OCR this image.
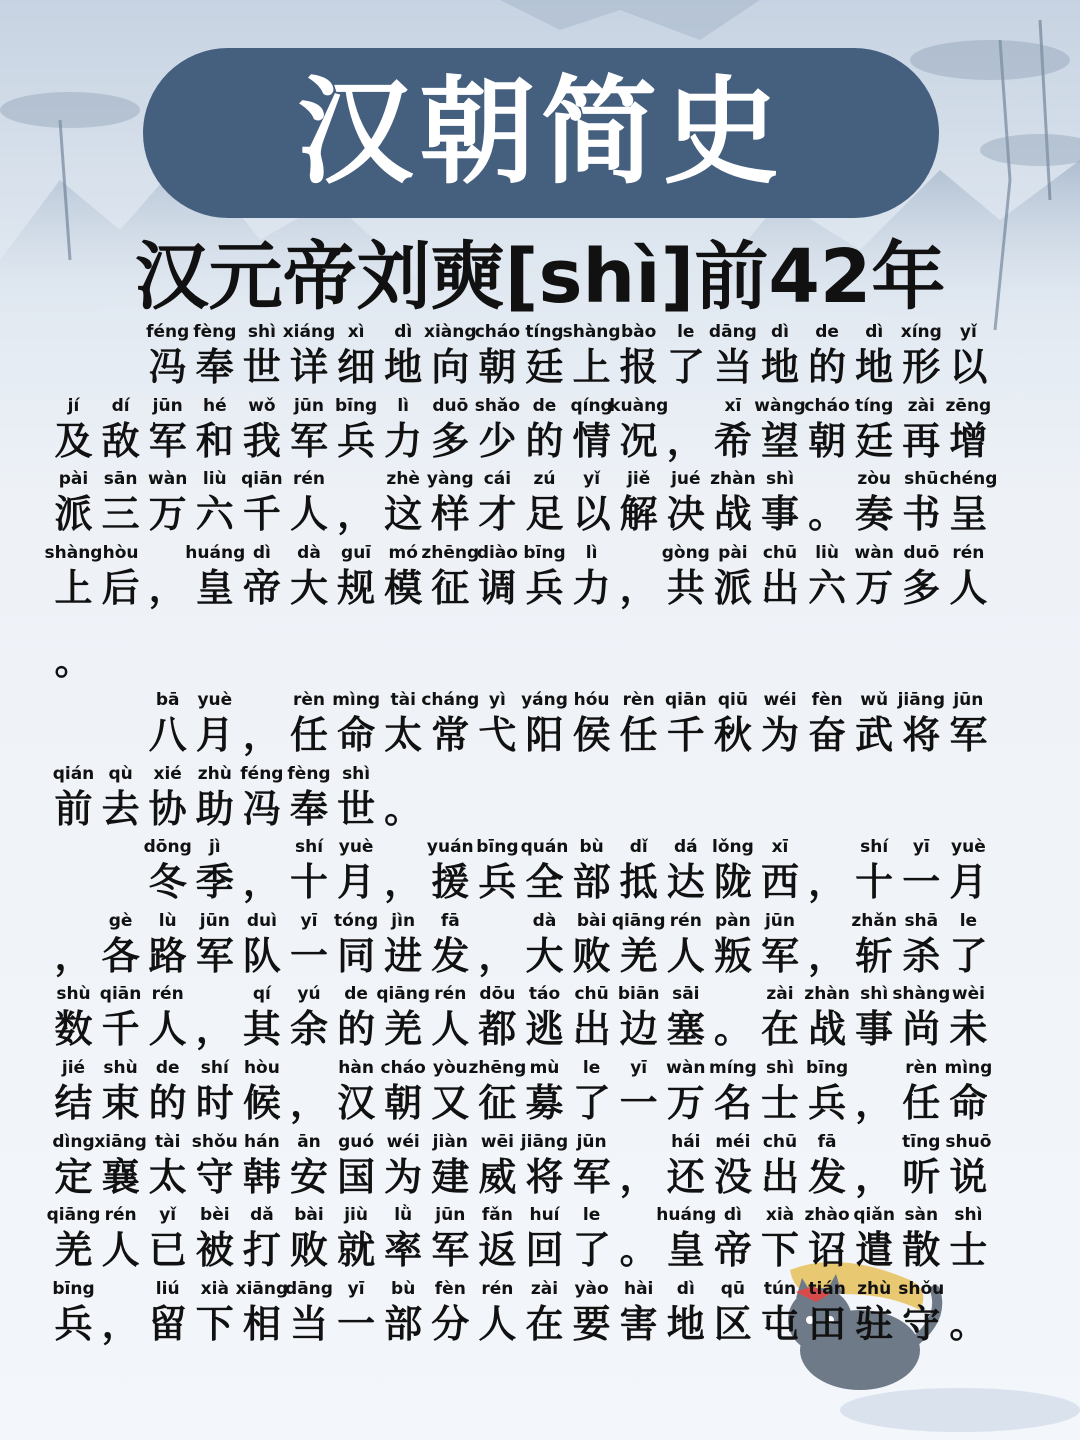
汉朝简史
汉元帝刘奭[shì]前42年
féng
冯
fèng
奉
shì
世
xiáng
详
xì
细
dì
地
xiàng
向
cháo
朝
tíng
廷
shàng
上
bào
报
le
了
dāng
当
dì
地
de
的
dì
地
xíng
形
yǐ
以
jí
及
dí
敌
jūn
军
hé
和
wǒ
我
jūn
军
bīng
兵
lì
力
duō
多
shǎo
少
de
的
qíng
情
kuàng
况 ，
xī
希
wàng
望
cháo
朝
tíng
廷
zài
再
zēng
增
pài
派
sān
三
wàn
万
liù
六
qiān
千
rén
人 ，
zhè
这
yàng
样
cái
才
zú
足
yǐ
以
jiě
解
jué
决
zhàn
战
shì
事 。
zòu
奏
shū
书
chéng
呈
shàng
上
hòu
后 ，
huáng
皇
dì
帝
dà
大
guī
规
mó
模
zhēng
征
diào
调
bīng
兵
lì
力 ，
gòng
共
pài
派
chū
出
liù
六
wàn
万
duō
多
rén
人
。
bā
八
yuè
月 ，
rèn
任
mìng
命
tài
太
cháng
常
yì
弋
yáng
阳
hóu
侯
rèn
任
qiān
千
qiū
秋
wéi
为
fèn
奋
wǔ
武
jiāng
将
jūn
军
qián
前
qù
去
xié
协
zhù
助
féng
冯
fèng
奉
shì
世 。
dōng
冬
jì
季 ，
shí
十
yuè
月 ，
yuán
援
bīng
兵
quán
全
bù
部
dǐ
抵
dá
达
lǒng
陇
xī
西 ，
shí
十
yī
一
yuè
月
，
gè
各
lù
路
jūn
军
duì
队
yī
一
tóng
同
jìn
进
fā
发 ，
dà
大
bài
败
qiāng
羌
rén
人
pàn
叛
jūn
军 ，
zhǎn
斩
shā
杀
le
了
shù
数
qiān
千
rén
人 ，
qí
其
yú
余
de
的
qiāng
羌
rén
人
dōu
都
táo
逃
chū
出
biān
边
sāi
塞 。
zài
在
zhàn
战
shì
事
shàng
尚
wèi
未
jié
结
shù
束
de
的
shí
时
hòu
候 ，
hàn
汉
cháo
朝
yòu
又
zhēng
征
mù
募
le
了
yī
一
wàn
万
míng
名
shì
士
bīng
兵 ，
rèn
任
mìng
命
dìng
定
xiāng
襄
tài
太
shǒu
守
hán
韩
ān
安
guó
国
wéi
为
jiàn
建
wēi
威
jiāng
将
jūn
军 ，
hái
还
méi
没
chū
出
fā
发 ，
tīng
听
shuō
说
qiāng
羌
rén
人
yǐ
已
bèi
被
dǎ
打
bài
败
jiù
就
lǜ
率
jūn
军
fǎn
返
huí
回
le
了 。
huáng
皇
dì
帝
xià
下
zhào
诏
qiǎn
遣
sàn
散
shì
士
bīng
兵 ，
liú
留
xià
下
xiāng
相
dāng
当
yī
一
bù
部
fèn
分
rén
人
zài
在
yào
要
hài
害
dì
地
qū
区
tún
屯
tián
田
zhù
驻
shǒu
守 。
